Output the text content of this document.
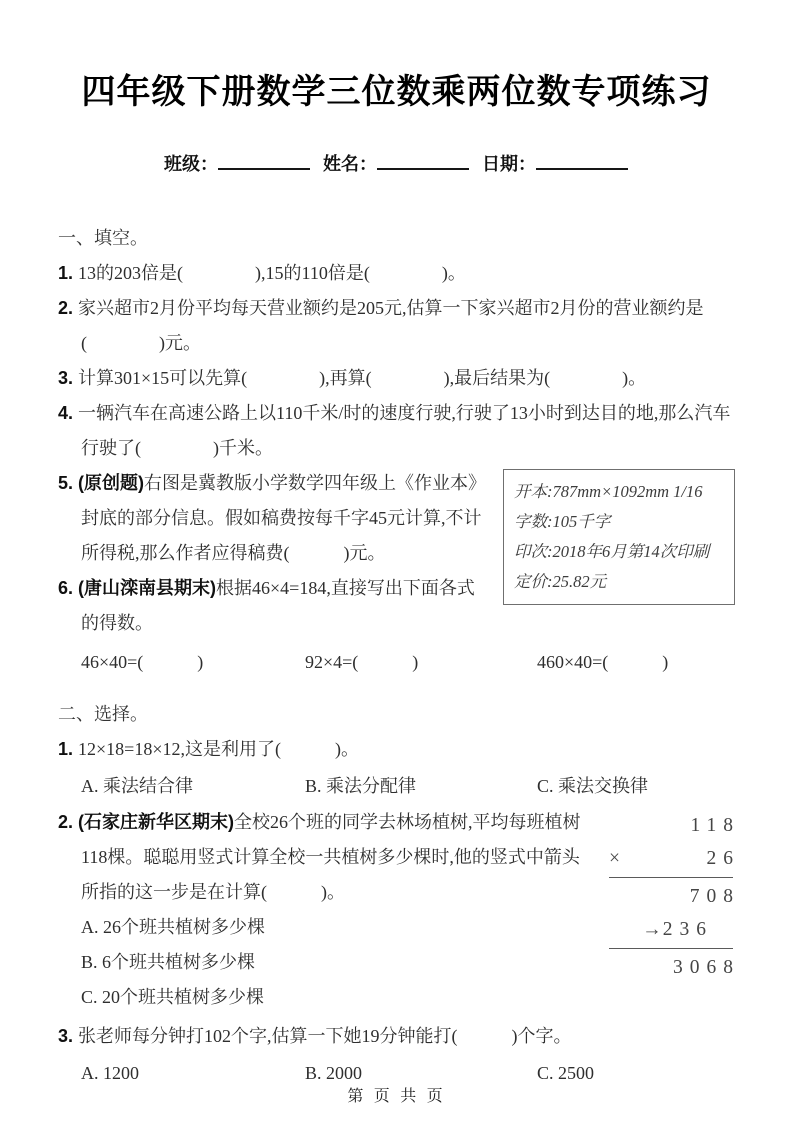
四年级下册数学三位数乘两位数专项练习
班级：	姓名：	日期：
一、填空。

1. 13的203倍是(　　　　),15的110倍是(　　　　)。

2. 家兴超市2月份平均每天营业额约是205元,估算一下家兴超市2月份的营业额约是(　　　　)元。

3. 计算301×15可以先算(　　　　),再算(　　　　),最后结果为(　　　　)。

4. 一辆汽车在高速公路上以110千米/时的速度行驶,行驶了13小时到达目的地,那么汽车行驶了(　　　　)千米。

开本:787mm×1092mm 1/16
字数:105千字
印次:2018年6月第14次印刷
定价:25.82元
5. (原创题)右图是冀教版小学数学四年级上《作业本》封底的部分信息。假如稿费按每千字45元计算,不计所得税,那么作者应得稿费(　　　)元。

6. (唐山滦南县期末)根据46×4=184,直接写出下面各式的得数。

46×40=(　　　)	92×4=(　　　)	460×40=(　　　)
二、选择。

1. 12×18=18×12,这是利用了(　　　)。

A. 乘法结合律	B. 乘法分配律	C. 乘法交换律

118
×	26
708
→ 236
3068
2. (石家庄新华区期末)全校26个班的同学去林场植树,平均每班植树118棵。聪聪用竖式计算全校一共植树多少棵时,他的竖式中箭头所指的这一步是在计算(　　　)。

A. 26个班共植树多少棵
B. 6个班共植树多少棵
C. 20个班共植树多少棵

3. 张老师每分钟打102个字,估算一下她19分钟能打(　　　)个字。

A. 1200	B. 2000	C. 2500
第 页 共 页
